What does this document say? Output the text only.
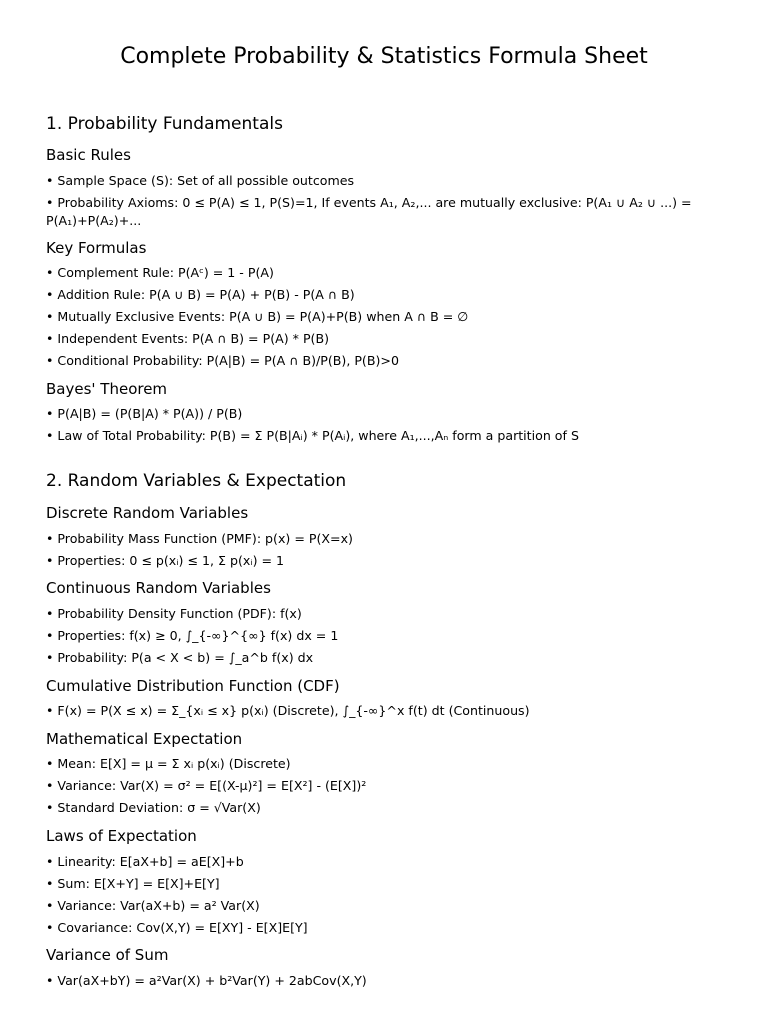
Complete Probability & Statistics Formula Sheet
1. Probability Fundamentals
Basic Rules
• Sample Space (S): Set of all possible outcomes
• Probability Axioms: 0 ≤ P(A) ≤ 1, P(S)=1, If events A₁, A₂,... are mutually exclusive: P(A₁ ∪ A₂ ∪ ...) = P(A₁)+P(A₂)+...
Key Formulas
• Complement Rule: P(Aᶜ) = 1 - P(A)
• Addition Rule: P(A ∪ B) = P(A) + P(B) - P(A ∩ B)
• Mutually Exclusive Events: P(A ∪ B) = P(A)+P(B) when A ∩ B = ∅
• Independent Events: P(A ∩ B) = P(A) * P(B)
• Conditional Probability: P(A|B) = P(A ∩ B)/P(B), P(B)>0
Bayes' Theorem
• P(A|B) = (P(B|A) * P(A)) / P(B)
• Law of Total Probability: P(B) = Σ P(B|Aᵢ) * P(Aᵢ), where A₁,...,Aₙ form a partition of S
2. Random Variables & Expectation
Discrete Random Variables
• Probability Mass Function (PMF): p(x) = P(X=x)
• Properties: 0 ≤ p(xᵢ) ≤ 1, Σ p(xᵢ) = 1
Continuous Random Variables
• Probability Density Function (PDF): f(x)
• Properties: f(x) ≥ 0, ∫_{-∞}^{∞} f(x) dx = 1
• Probability: P(a < X < b) = ∫_a^b f(x) dx
Cumulative Distribution Function (CDF)
• F(x) = P(X ≤ x) = Σ_{xᵢ ≤ x} p(xᵢ) (Discrete), ∫_{-∞}^x f(t) dt (Continuous)
Mathematical Expectation
• Mean: E[X] = μ = Σ xᵢ p(xᵢ) (Discrete)
• Variance: Var(X) = σ² = E[(X-μ)²] = E[X²] - (E[X])²
• Standard Deviation: σ = √Var(X)
Laws of Expectation
• Linearity: E[aX+b] = aE[X]+b
• Sum: E[X+Y] = E[X]+E[Y]
• Variance: Var(aX+b) = a² Var(X)
• Covariance: Cov(X,Y) = E[XY] - E[X]E[Y]
Variance of Sum
• Var(aX+bY) = a²Var(X) + b²Var(Y) + 2abCov(X,Y)
